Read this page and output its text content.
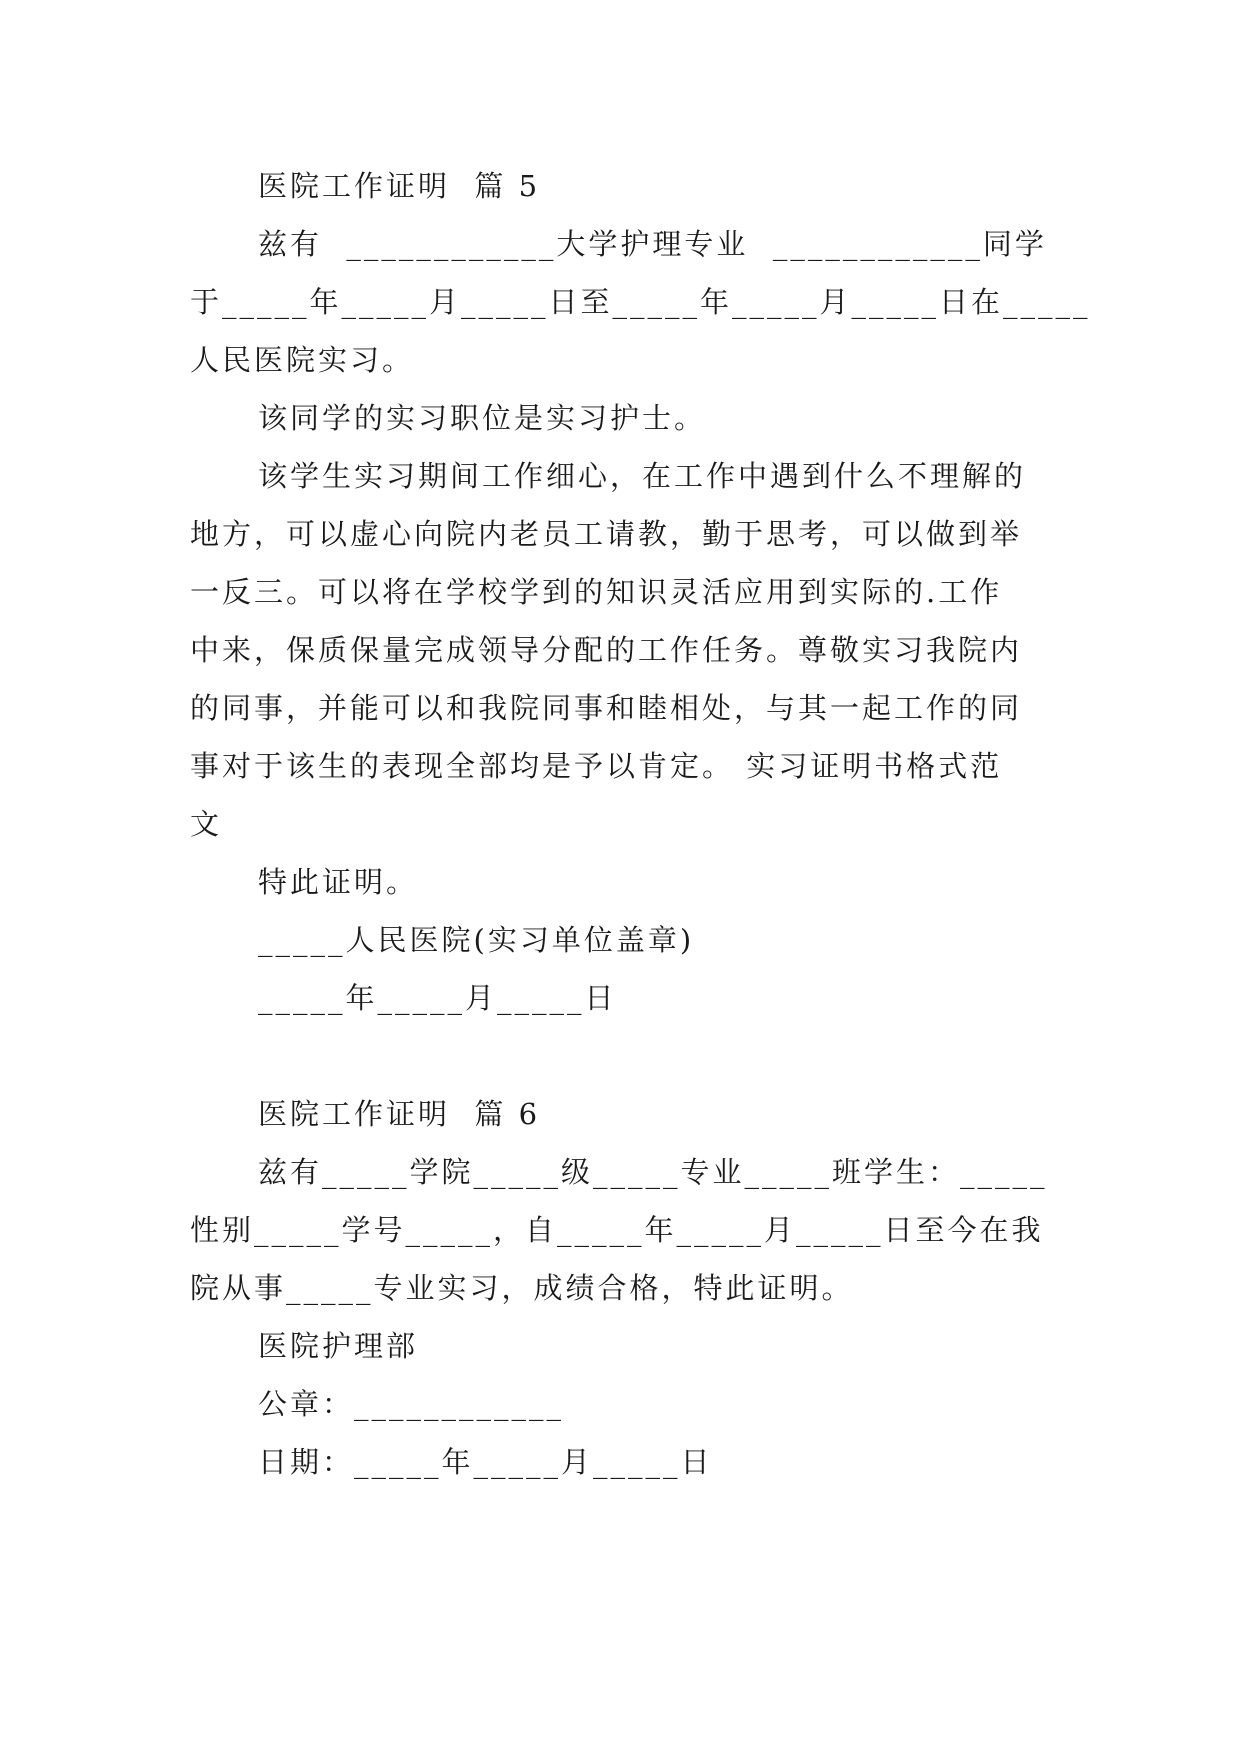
医院工作证明  篇 5
兹有  ____________大学护理专业  ____________同学
于_____年_____月_____日至_____年_____月_____日在_____
人民医院实习。
该同学的实习职位是实习护士。
该学生实习期间工作细心，在工作中遇到什么不理解的
地方，可以虚心向院内老员工请教，勤于思考，可以做到举
一反三。可以将在学校学到的知识灵活应用到实际的.工作
中来，保质保量完成领导分配的工作任务。尊敬实习我院内
的同事，并能可以和我院同事和睦相处，与其一起工作的同
事对于该生的表现全部均是予以肯定。 实习证明书格式范
文
特此证明。
_____人民医院(实习单位盖章)
_____年_____月_____日
医院工作证明  篇 6
兹有_____学院_____级_____专业_____班学生：_____
性别_____学号_____，自_____年_____月_____日至今在我
院从事_____专业实习，成绩合格，特此证明。
医院护理部
公章：____________
日期：_____年_____月_____日
